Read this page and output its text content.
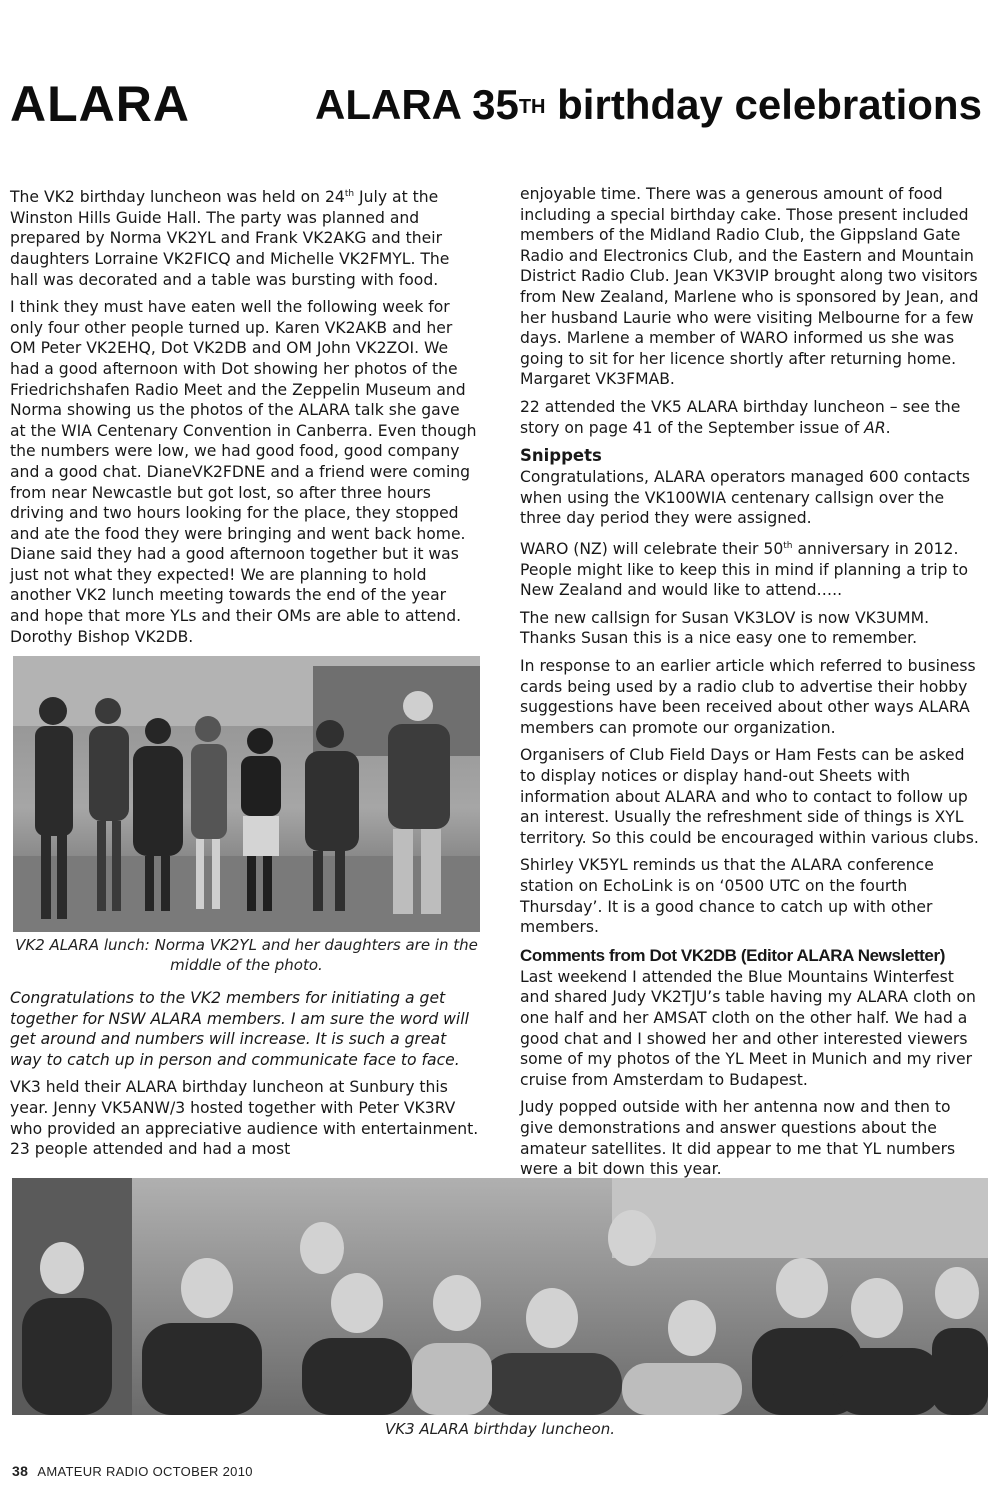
ALARA	ALARA 35TH birthday celebrations

The VK2 birthday luncheon was held on 24th July at the Winston Hills Guide Hall. The party was planned and prepared by Norma VK2YL and Frank VK2AKG and their daughters Lorraine VK2FICQ and Michelle VK2FMYL. The hall was decorated and a table was bursting with food.

I think they must have eaten well the following week for only four other people turned up. Karen VK2AKB and her OM Peter VK2EHQ, Dot VK2DB and OM John VK2ZOI. We had a good afternoon with Dot showing her photos of the Friedrichshafen Radio Meet and the Zeppelin Museum and Norma showing us the photos of the ALARA talk she gave at the WIA Centenary Convention in Canberra. Even though the numbers were low, we had good food, good company and a good chat. DianeVK2FDNE and a friend were coming from near Newcastle but got lost, so after three hours driving and two hours looking for the place, they stopped and ate the food they were bringing and went back home. Diane said they had a good afternoon together but it was just not what they expected! We are planning to hold another VK2 lunch meeting towards the end of the year and hope that more YLs and their OMs are able to attend. Dorothy Bishop VK2DB.

VK2 ALARA lunch: Norma VK2YL and her daughters are in the middle of the photo.

Congratulations to the VK2 members for initiating a get together for NSW ALARA members. I am sure the word will get around and numbers will increase. It is such a great way to catch up in person and communicate face to face.

VK3 held their ALARA birthday luncheon at Sunbury this year. Jenny VK5ANW/3 hosted together with Peter VK3RV who provided an appreciative audience with entertainment. 23 people attended and had a most

enjoyable time. There was a generous amount of food including a special birthday cake. Those present included members of the Midland Radio Club, the Gippsland Gate Radio and Electronics Club, and the Eastern and Mountain District Radio Club. Jean VK3VIP brought along two visitors from New Zealand, Marlene who is sponsored by Jean, and her husband Laurie who were visiting Melbourne for a few days. Marlene a member of WARO informed us she was going to sit for her licence shortly after returning home. Margaret VK3FMAB.

22 attended the VK5 ALARA birthday luncheon – see the story on page 41 of the September issue of AR.

Snippets

Congratulations, ALARA operators managed 600 contacts when using the VK100WIA centenary callsign over the three day period they were assigned.

WARO (NZ) will celebrate their 50th anniversary in 2012. People might like to keep this in mind if planning a trip to New Zealand and would like to attend…..

The new callsign for Susan VK3LOV is now VK3UMM. Thanks Susan this is a nice easy one to remember.

In response to an earlier article which referred to business cards being used by a radio club to advertise their hobby suggestions have been received about other ways ALARA members can promote our organization.

Organisers of Club Field Days or Ham Fests can be asked to display notices or display hand-out Sheets with information about ALARA and who to contact to follow up an interest. Usually the refreshment side of things is XYL territory. So this could be encouraged within various clubs.

Shirley VK5YL reminds us that the ALARA conference station on EchoLink is on ‘0500 UTC on the fourth Thursday’. It is a good chance to catch up with other members.

Comments from Dot VK2DB (Editor ALARA Newsletter)

Last weekend I attended the Blue Mountains Winterfest and shared Judy VK2TJU’s table having my ALARA cloth on one half and her AMSAT cloth on the other half. We had a good chat and I showed her and other interested viewers some of my photos of the YL Meet in Munich and my river cruise from Amsterdam to Budapest.

Judy popped outside with her antenna now and then to give demonstrations and answer questions about the amateur satellites. It did appear to me that YL numbers were a bit down this year.

VK3 ALARA birthday luncheon.
38 AMATEUR RADIO OCTOBER 2010
